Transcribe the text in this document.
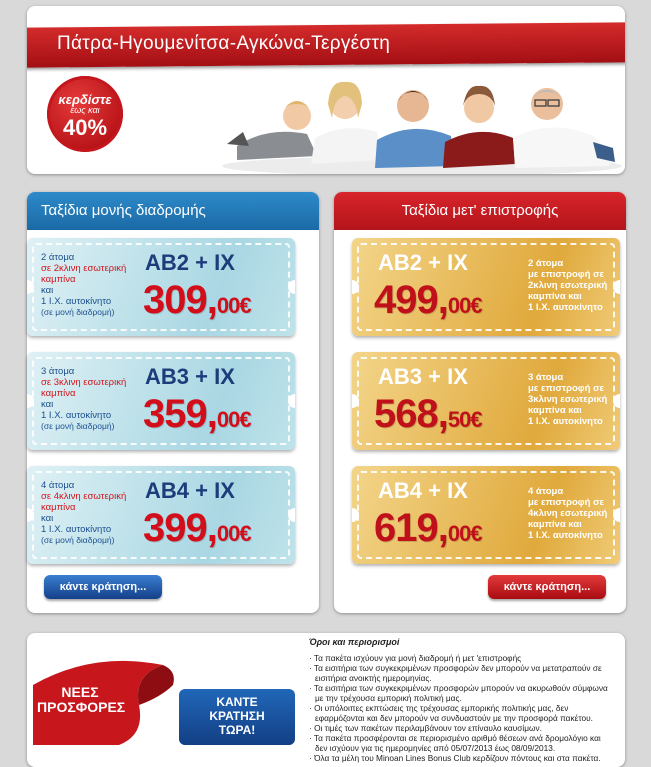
Πάτρα-Ηγουμενίτσα-Αγκώνα-Τεργέστη
κερδίστε
έως και
40%
Ταξίδια μονής διαδρομής
2 άτομα
σε 2κλινη εσωτερική καμπίνα
και
1 Ι.Χ. αυτοκίνητο
(σε μονή διαδρομή)
AB2 + IX
309,00€
3 άτομα
σε 3κλινη εσωτερική καμπίνα
και
1 Ι.Χ. αυτοκίνητο
(σε μονή διαδρομή)
AB3 + IX
359,00€
4 άτομα
σε 4κλινη εσωτερική καμπίνα
και
1 Ι.Χ. αυτοκίνητο
(σε μονή διαδρομή)
AB4 + IX
399,00€
κάντε κράτηση...
Ταξίδια μετ' επιστροφής
AB2 + IX
499,00€
2 άτομα
με επιστροφή σε 2κλινη εσωτερική καμπίνα και
1 Ι.Χ. αυτοκίνητο
AB3 + IX
568,50€
3 άτομα
με επιστροφή σε 3κλινη εσωτερική καμπίνα και
1 Ι.Χ. αυτοκίνητο
AB4 + IX
619,00€
4 άτομα
με επιστροφή σε 4κλινη εσωτερική καμπίνα και
1 Ι.Χ. αυτοκίνητο
κάντε κράτηση...
ΝΕΕΣ
ΠΡΟΣΦΟΡΕΣ	ΚΑΝΤΕ
ΚΡΑΤΗΣΗ
ΤΩΡΑ!
Όροι και περιορισμοί
· Τα πακέτα ισχύουν για μονή διαδρομή ή μετ 'επιστροφής
· Τα εισιτήρια των συγκεκριμένων προσφορών δεν μπορούν να μετατραπούν σε εισιτήρια ανοικτής ημερομηνίας.
· Τα εισιτήρια των συγκεκριμένων προσφορών μπορούν να ακυρωθούν σύμφωνα με την τρέχουσα εμπορική πολιτική μας.
· Οι υπόλοιπες εκπτώσεις της τρέχουσας εμπορικής πολιτικής μας, δεν εφαρμόζονται και δεν μπορούν να συνδυαστούν με την προσφορά πακέτου.
· Οι τιμές των πακέτων περιλαμβάνουν τον επίναυλο καυσίμων.
· Τα πακέτα προσφέρονται σε περιορισμένο αριθμό θέσεων ανά δρομολόγιο και δεν ισχύουν για τις ημερομηνίες από 05/07/2013 έως 08/09/2013.
· Όλα τα μέλη του Minoan Lines Bonus Club κερδίζουν πόντους και στα πακέτα.
